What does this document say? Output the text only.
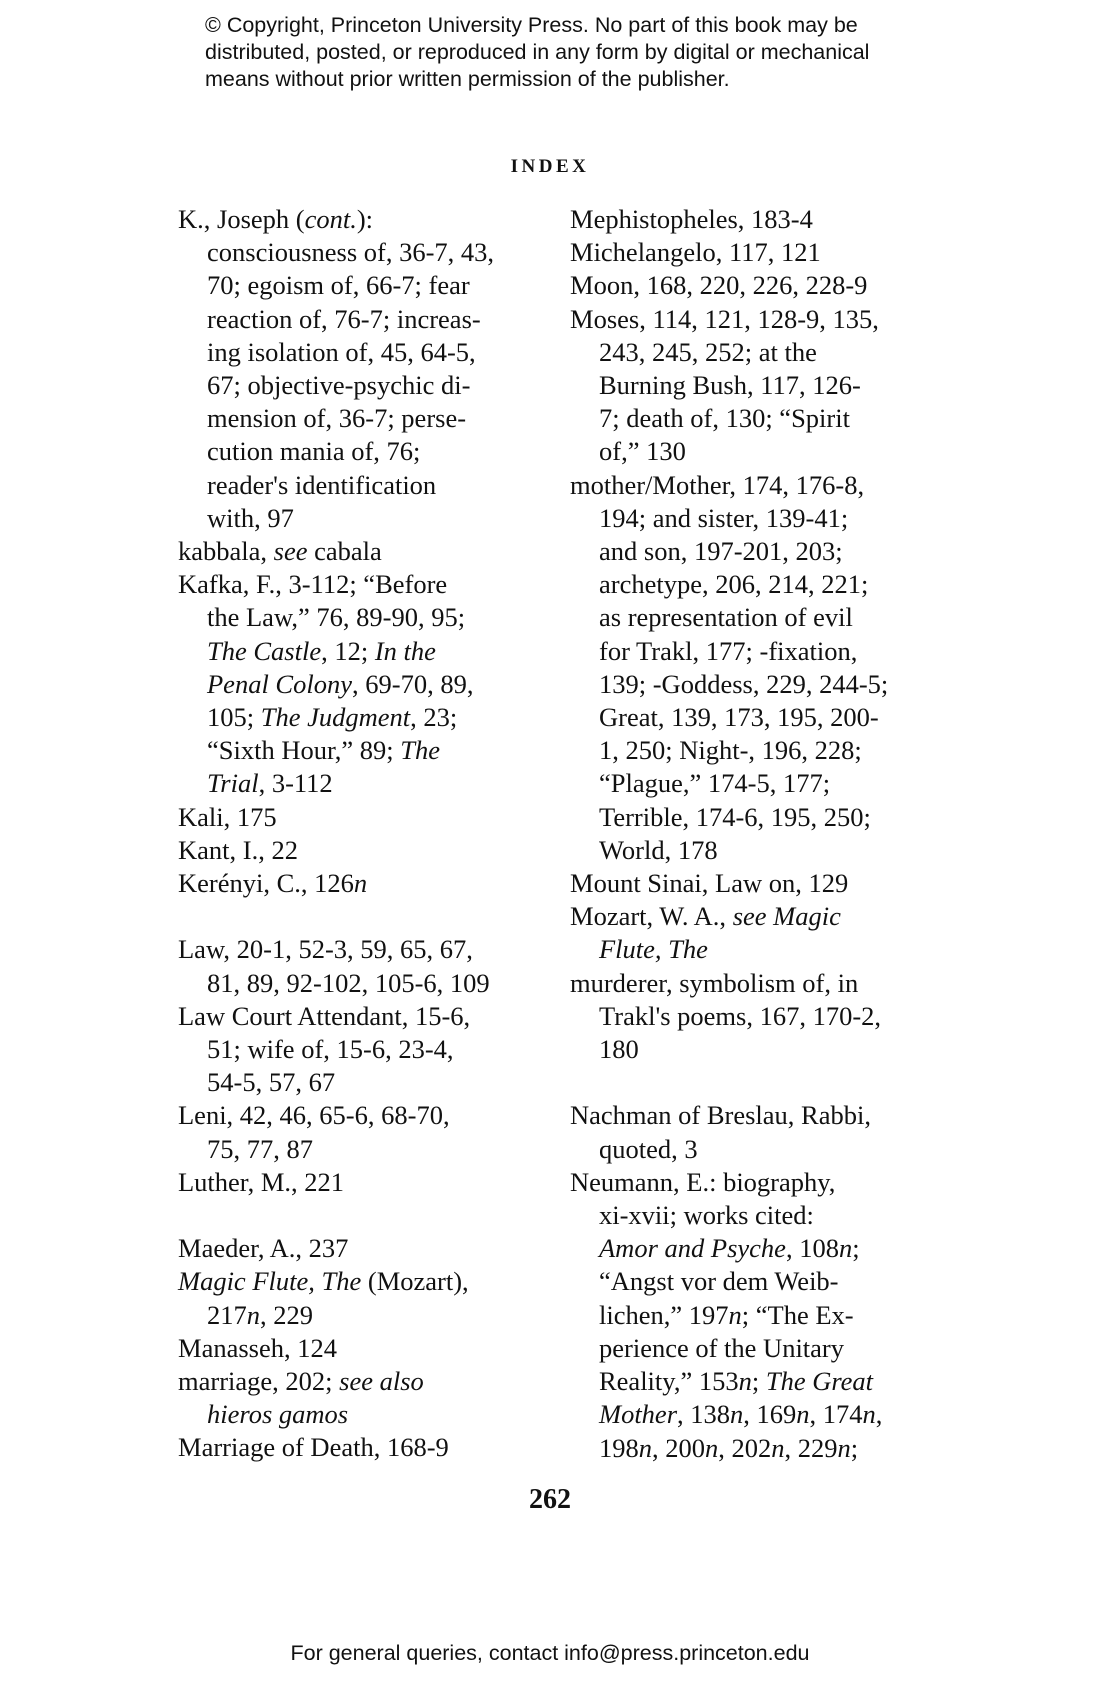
© Copyright, Princeton University Press. No part of this book may be
distributed, posted, or reproduced in any form by digital or mechanical
means without prior written permission of the publisher.
INDEX
K., Joseph (cont.):
consciousness of, 36-7, 43,
70; egoism of, 66-7; fear
reaction of, 76-7; increas-
ing isolation of, 45, 64-5,
67; objective-psychic di-
mension of, 36-7; perse-
cution mania of, 76;
reader's identification
with, 97
kabbala, see cabala
Kafka, F., 3-112; “Before
the Law,” 76, 89-90, 95;
The Castle, 12; In the
Penal Colony, 69-70, 89,
105; The Judgment, 23;
“Sixth Hour,” 89; The
Trial, 3-112
Kali, 175
Kant, I., 22
Kerényi, C., 126n
Law, 20-1, 52-3, 59, 65, 67,
81, 89, 92-102, 105-6, 109
Law Court Attendant, 15-6,
51; wife of, 15-6, 23-4,
54-5, 57, 67
Leni, 42, 46, 65-6, 68-70,
75, 77, 87
Luther, M., 221
Maeder, A., 237
Magic Flute, The (Mozart),
217n, 229
Manasseh, 124
marriage, 202; see also
hieros gamos
Marriage of Death, 168-9
Mephistopheles, 183-4
Michelangelo, 117, 121
Moon, 168, 220, 226, 228-9
Moses, 114, 121, 128-9, 135,
243, 245, 252; at the
Burning Bush, 117, 126-
7; death of, 130; “Spirit
of,” 130
mother/Mother, 174, 176-8,
194; and sister, 139-41;
and son, 197-201, 203;
archetype, 206, 214, 221;
as representation of evil
for Trakl, 177; -fixation,
139; -Goddess, 229, 244-5;
Great, 139, 173, 195, 200-
1, 250; Night-, 196, 228;
“Plague,” 174-5, 177;
Terrible, 174-6, 195, 250;
World, 178
Mount Sinai, Law on, 129
Mozart, W. A., see Magic
Flute, The
murderer, symbolism of, in
Trakl's poems, 167, 170-2,
180
Nachman of Breslau, Rabbi,
quoted, 3
Neumann, E.: biography,
xi-xvii; works cited:
Amor and Psyche, 108n;
“Angst vor dem Weib-
lichen,” 197n; “The Ex-
perience of the Unitary
Reality,” 153n; The Great
Mother, 138n, 169n, 174n,
198n, 200n, 202n, 229n;
262
For general queries, contact info@press.princeton.edu
